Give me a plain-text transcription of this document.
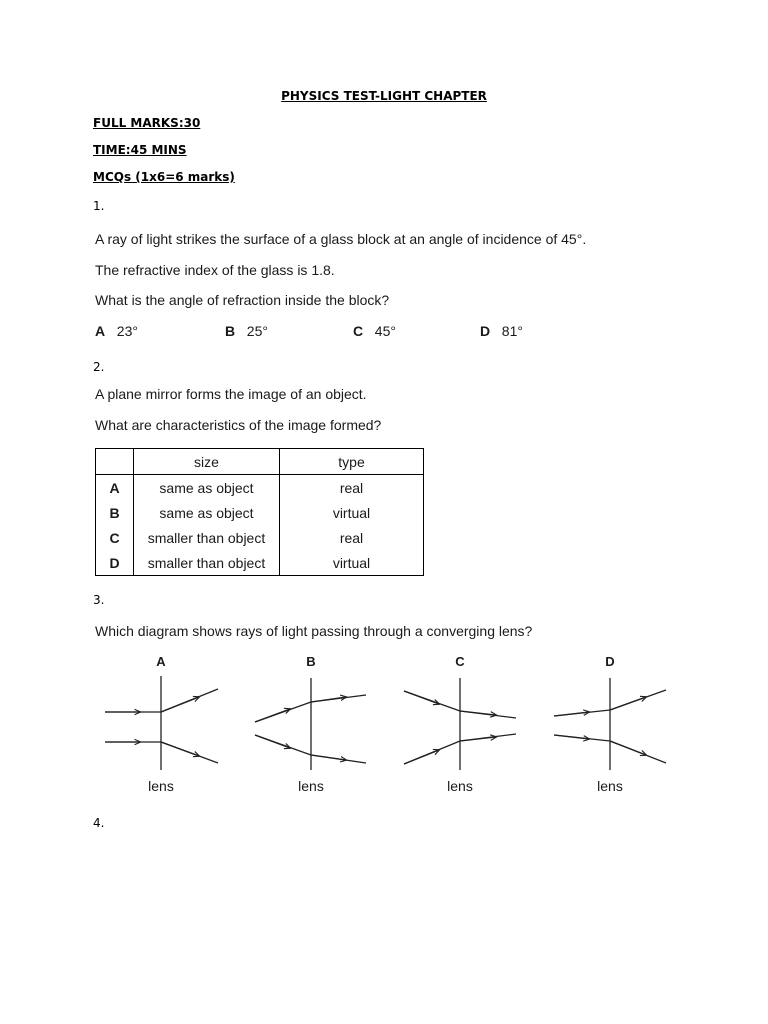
PHYSICS TEST-LIGHT CHAPTER
FULL MARKS:30
TIME:45 MINS
MCQs (1x6=6 marks)
1.
A ray of light strikes the surface of a glass block at an angle of incidence of 45°.
The refractive index of the glass is 1.8.
What is the angle of refraction inside the block?
A 23°	B 25°	C 45°	D 81°
2.
A plane mirror forms the image of an object.
What are characteristics of the image formed?
	size	type
A	same as object	real
B	same as object	virtual
C	smaller than object	real
D	smaller than object	virtual
3.
Which diagram shows rays of light passing through a converging lens?
A	B	C	D
lens	lens	lens	lens
4.
